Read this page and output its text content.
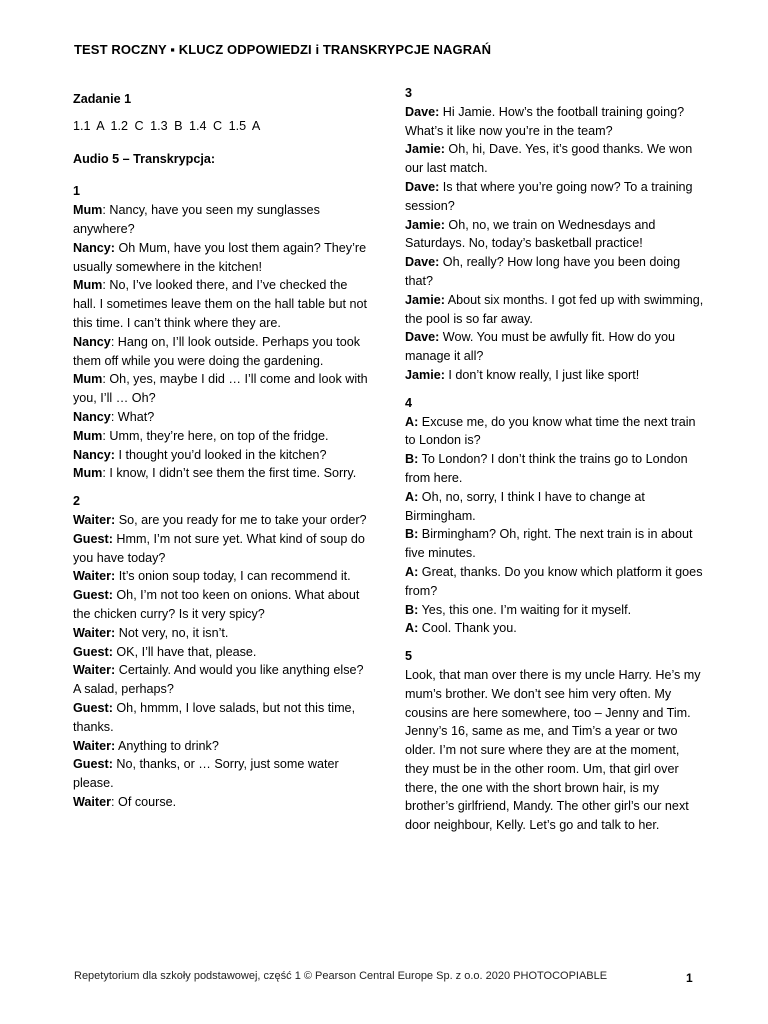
TEST ROCZNY ▪ KLUCZ ODPOWIEDZI i TRANSKRYPCJE NAGRAŃ
Zadanie 1
1.1 A 1.2 C 1.3 B 1.4 C 1.5 A
Audio 5 – Transkrypcja:
1

Mum: Nancy, have you seen my sunglasses anywhere?

Nancy: Oh Mum, have you lost them again? They’re usually somewhere in the kitchen!

Mum: No, I’ve looked there, and I’ve checked the hall. I sometimes leave them on the hall table but not this time. I can’t think where they are.

Nancy: Hang on, I’ll look outside. Perhaps you took them off while you were doing the gardening.

Mum: Oh, yes, maybe I did … I’ll come and look with you, I’ll … Oh?

Nancy: What?

Mum: Umm, they’re here, on top of the fridge.

Nancy: I thought you’d looked in the kitchen?

Mum: I know, I didn’t see them the first time. Sorry.

2

Waiter: So, are you ready for me to take your order?

Guest: Hmm, I’m not sure yet. What kind of soup do you have today?

Waiter: It’s onion soup today, I can recommend it.

Guest: Oh, I’m not too keen on onions. What about the chicken curry? Is it very spicy?

Waiter: Not very, no, it isn’t.

Guest: OK, I’ll have that, please.

Waiter: Certainly. And would you like anything else? A salad, perhaps?

Guest: Oh, hmmm, I love salads, but not this time, thanks.

Waiter: Anything to drink?

Guest: No, thanks, or … Sorry, just some water please.

Waiter: Of course.

3

Dave: Hi Jamie. How’s the football training going? What’s it like now you’re in the team?

Jamie: Oh, hi, Dave. Yes, it’s good thanks. We won our last match.

Dave: Is that where you’re going now? To a training session?

Jamie: Oh, no, we train on Wednesdays and Saturdays. No, today’s basketball practice!

Dave: Oh, really? How long have you been doing that?

Jamie: About six months. I got fed up with swimming, the pool is so far away.

Dave: Wow. You must be awfully fit. How do you manage it all?

Jamie: I don’t know really, I just like sport!

4

A: Excuse me, do you know what time the next train to London is?

B: To London? I don’t think the trains go to London from here.

A: Oh, no, sorry, I think I have to change at Birmingham.

B: Birmingham? Oh, right. The next train is in about five minutes.

A: Great, thanks. Do you know which platform it goes from?

B: Yes, this one. I’m waiting for it myself.

A: Cool. Thank you.

5

Look, that man over there is my uncle Harry. He’s my mum’s brother. We don’t see him very often. My cousins are here somewhere, too – Jenny and Tim. Jenny’s 16, same as me, and Tim’s a year or two older. I’m not sure where they are at the moment, they must be in the other room. Um, that girl over there, the one with the short brown hair, is my brother’s girlfriend, Mandy. The other girl’s our next door neighbour, Kelly. Let’s go and talk to her.

Repetytorium dla szkoły podstawowej, część 1 © Pearson Central Europe Sp. z o.o. 2020 PHOTOCOPIABLE	1
